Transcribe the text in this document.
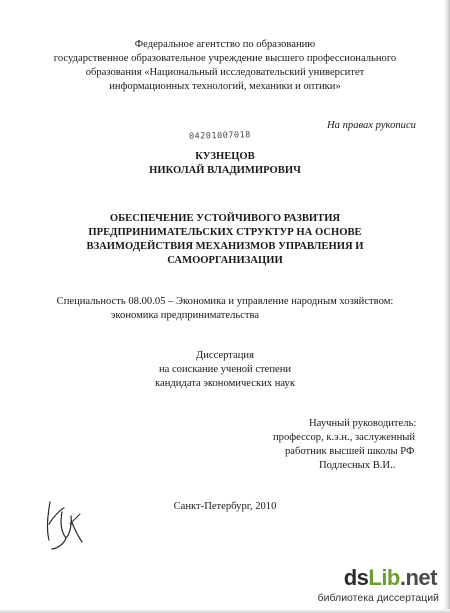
Федеральное агентство по образованию
государственное образовательное учреждение высшего профессионального
образования «Национальный исследовательский университет
информационных технологий, механики и оптики»
На правах рукописи
04201007018
КУЗНЕЦОВ
НИКОЛАЙ ВЛАДИМИРОВИЧ
ОБЕСПЕЧЕНИЕ УСТОЙЧИВОГО РАЗВИТИЯ
ПРЕДПРИНИМАТЕЛЬСКИХ СТРУКТУР НА ОСНОВЕ
ВЗАИМОДЕЙСТВИЯ МЕХАНИЗМОВ УПРАВЛЕНИЯ И
САМООРГАНИЗАЦИИ
Специальность 08.00.05 – Экономика и управление народным хозяйством:
экономика предпринимательства
Диссертация
на соискание ученой степени
кандидата экономических наук
Научный руководитель:
профессор, к.э.н., заслуженный
работник высшей школы РФ
Подлесных В.И..
Санкт-Петербург, 2010
dsLib.net
библиотека диссертаций
